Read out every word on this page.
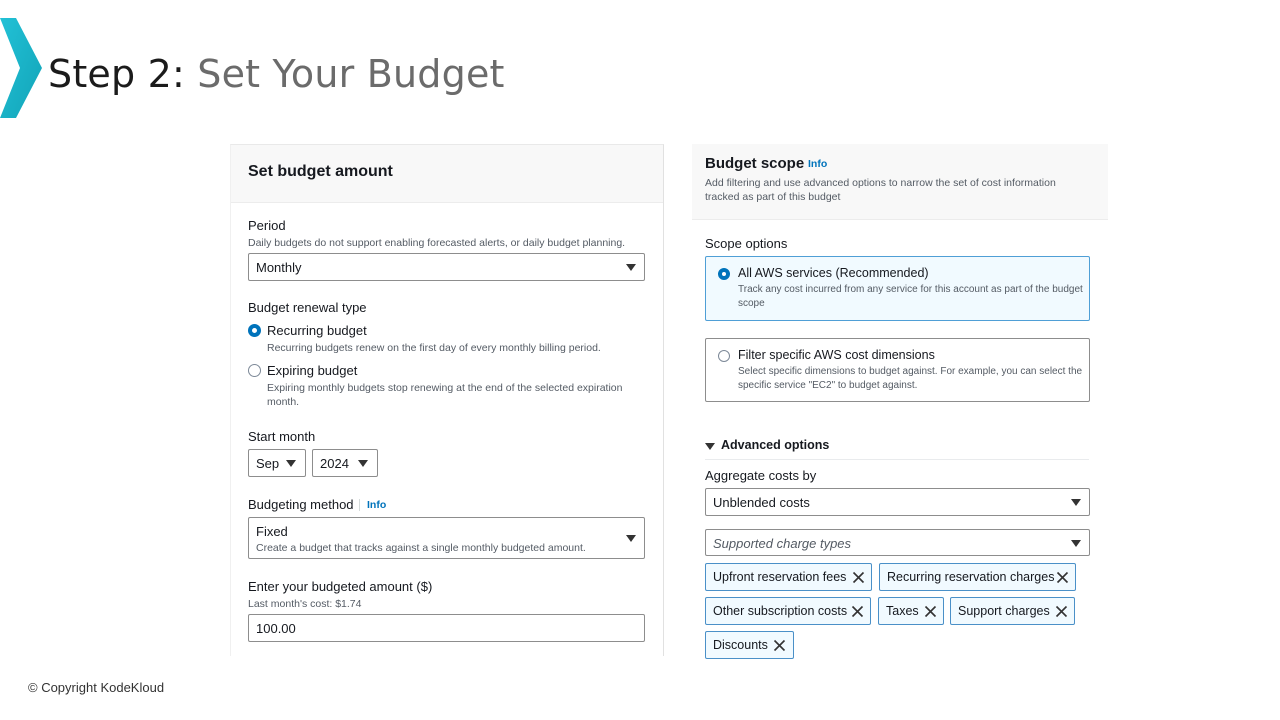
Step 2: Set Your Budget
© Copyright KodeKloud
Set budget amount
Period
Daily budgets do not support enabling forecasted alerts, or daily budget planning.
Monthly
Budget renewal type
Recurring budget
Recurring budgets renew on the first day of every monthly billing period.
Expiring budget
Expiring monthly budgets stop renewing at the end of the selected expiration month.
Start month
Sep	2024
Budgeting method Info
Fixed
Create a budget that tracks against a single monthly budgeted amount.
Enter your budgeted amount ($)
Last month's cost: $1.74
100.00
Budget scope Info
Add filtering and use advanced options to narrow the set of cost information tracked as part of this budget
Scope options
All AWS services (Recommended)
Track any cost incurred from any service for this account as part of the budget scope
Filter specific AWS cost dimensions
Select specific dimensions to budget against. For example, you can select the specific service "EC2" to budget against.
Advanced options
Aggregate costs by
Unblended costs
Supported charge types
Upfront reservation fees	Recurring reservation charges
Other subscription costs	Taxes	Support charges
Discounts
